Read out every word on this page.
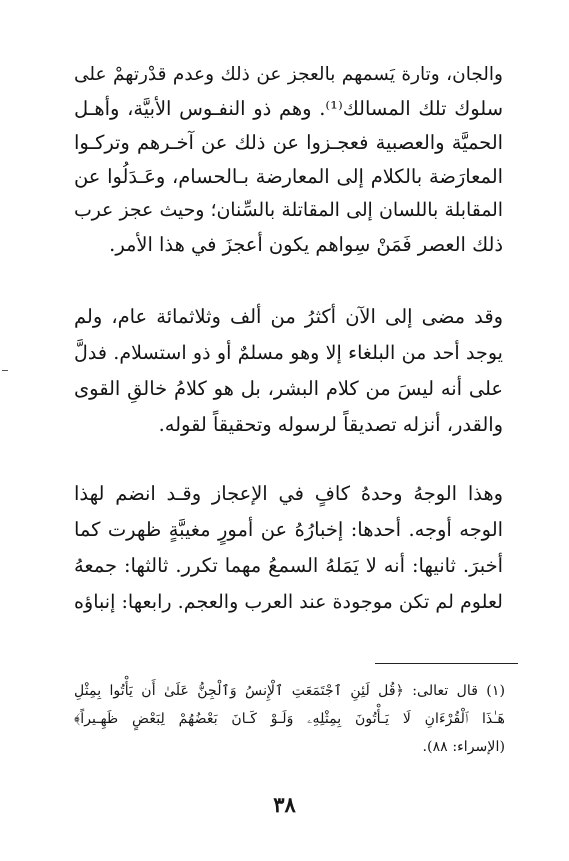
والجان، وتارة يَسمهم بالعجز عن ذلك وعدم قدْرتهمْ على
سلوك تلك المسالك⁽¹⁾. وهم ذو النفـوس الأبيَّة، وأهـل
الحميَّة والعصبية فعجـزوا عن ذلك عن آخـرهم وتركـوا
المعارَضة بالكلام إلى المعارضة بـالحسام، وعَـدَلُوا عن
المقابلة باللسان إلى المقاتلة بالسِّنان؛ وحيث عجز عرب
ذلك العصر فَمَنْ سِواهم يكون أعجزَ في هذا الأمر.
وقد مضى إلى الآن أكثرُ من ألف وثلاثمائة عام، ولم
يوجد أحد من البلغاء إلا وهو مسلمٌ أو ذو استسلام. فدلَّ
على أنه ليسَ من كلام البشر، بل هو كلامُ خالقِ القوى
والقدر، أنزله تصديقاً لرسوله وتحقيقاً لقوله.
وهذا الوجهُ وحدهُ كافٍ في الإعجاز وقـد انضم لهذا
الوجه أوجه. أحدها: إخبارُهُ عن أمورٍ مغيبَّةٍ ظهرت كما
أخبرَ. ثانيها: أنه لا يَمَلهُ السمعُ مهما تكرر. ثالثها: جمعهُ
لعلوم لم تكن موجودة عند العرب والعجم. رابعها: إنباؤه
(١) قال تعالى: ﴿قُل لَئِنِ ٱجْتَمَعَتِ ٱلْإِنسُ وَٱلْجِنُّ عَلَىٰ أَن يَأْتُوا بِمِثْلِ
هَـٰذَا ٱلْقُرْءَانِ لَا يَـأْتُونَ بِمِثْلِهِۦ وَلَـوْ كَـانَ بَعْضُهُمْ لِبَعْضٍ ظَهِـيراً﴾
(الإسراء: ٨٨).
٣٨
